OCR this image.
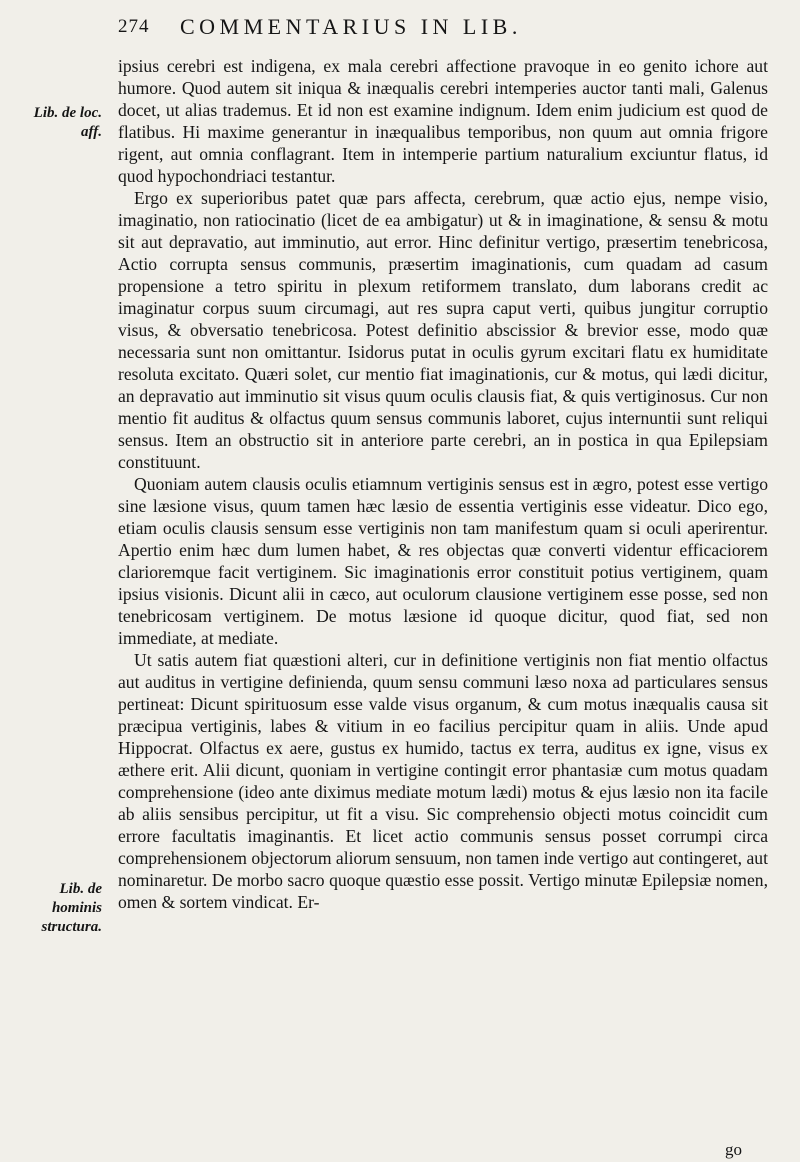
274 COMMENTARIUS IN LIB.
Lib. de loc. aff.
Lib. de hominis structura.

ipsius cerebri est indigena, ex mala cerebri affectione pravoque in eo genito ichore aut humore. Quod autem sit iniqua & inæqualis cerebri intemperies auctor tanti mali, Galenus docet, ut alias trademus. Et id non est examine indignum. Idem enim judicium est quod de flatibus. Hi maxime generantur in inæqualibus temporibus, non quum aut omnia frigore rigent, aut omnia conflagrant. Item in intemperie partium naturalium exciuntur flatus, id quod hypochondriaci testantur.

Ergo ex superioribus patet quæ pars affecta, cerebrum, quæ actio ejus, nempe visio, imaginatio, non ratiocinatio (licet de ea ambigatur) ut & in imaginatione, & sensu & motu sit aut depravatio, aut imminutio, aut error. Hinc definitur vertigo, præsertim tenebricosa, Actio corrupta sensus communis, præsertim imaginationis, cum quadam ad casum propensione a tetro spiritu in plexum retiformem translato, dum laborans credit ac imaginatur corpus suum circumagi, aut res supra caput verti, quibus jungitur corruptio visus, & obversatio tenebricosa. Potest definitio abscissior & brevior esse, modo quæ necessaria sunt non omittantur. Isidorus putat in oculis gyrum excitari flatu ex humiditate resoluta excitato. Quæri solet, cur mentio fiat imaginationis, cur & motus, qui lædi dicitur, an depravatio aut imminutio sit visus quum oculis clausis fiat, & quis vertiginosus. Cur non mentio fit auditus & olfactus quum sensus communis laboret, cujus internuntii sunt reliqui sensus. Item an obstructio sit in anteriore parte cerebri, an in postica in qua Epilepsiam constituunt.

Quoniam autem clausis oculis etiamnum vertiginis sensus est in ægro, potest esse vertigo sine læsione visus, quum tamen hæc læsio de essentia vertiginis esse videatur. Dico ego, etiam oculis clausis sensum esse vertiginis non tam manifestum quam si oculi aperirentur. Apertio enim hæc dum lumen habet, & res objectas quæ converti videntur efficaciorem clarioremque facit vertiginem. Sic imaginationis error constituit potius vertiginem, quam ipsius visionis. Dicunt alii in cæco, aut oculorum clausione vertiginem esse posse, sed non tenebricosam vertiginem. De motus læsione id quoque dicitur, quod fiat, sed non immediate, at mediate.

Ut satis autem fiat quæstioni alteri, cur in definitione vertiginis non fiat mentio olfactus aut auditus in vertigine definienda, quum sensu communi læso noxa ad particulares sensus pertineat: Dicunt spirituosum esse valde visus organum, & cum motus inæqualis causa sit præcipua vertiginis, labes & vitium in eo facilius percipitur quam in aliis. Unde apud Hippocrat. Olfactus ex aere, gustus ex humido, tactus ex terra, auditus ex igne, visus ex æthere erit. Alii dicunt, quoniam in vertigine contingit error phantasiæ cum motus quadam comprehensione (ideo ante diximus mediate motum lædi) motus & ejus læsio non ita facile ab aliis sensibus percipitur, ut fit a visu. Sic comprehensio objecti motus coincidit cum errore facultatis imaginantis. Et licet actio communis sensus posset corrumpi circa comprehensionem objectorum aliorum sensuum, non tamen inde vertigo aut contingeret, aut nominaretur. De morbo sacro quoque quæstio esse possit. Vertigo minutæ Epilepsiæ nomen, omen & sortem vindicat. Er-

go
